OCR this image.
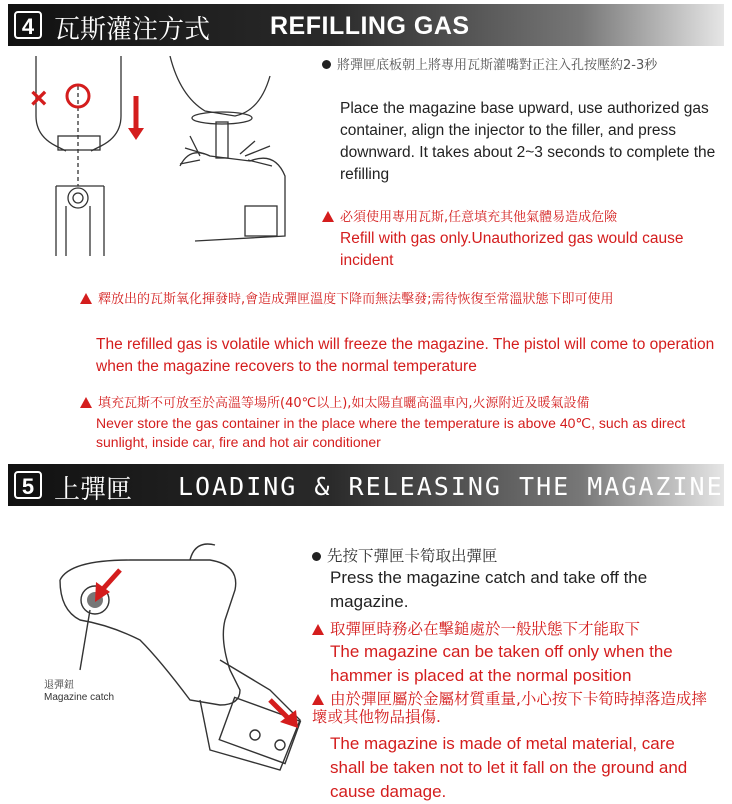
4 瓦斯灌注方式 REFILLING GAS
×
將彈匣底板朝上將專用瓦斯灌嘴對正注入孔按壓約2-3秒
Place the magazine base upward, use authorized gas container, align the injector to the filler, and press downward. It takes about 2~3 seconds to complete the refilling
必須使用專用瓦斯,任意填充其他氣體易造成危險
Refill with gas only.Unauthorized gas would cause incident
釋放出的瓦斯氧化揮發時,會造成彈匣溫度下降而無法擊發;需待恢復至常溫狀態下即可使用
The refilled gas is volatile which will freeze the magazine. The pistol will come to operation when the magazine recovers to the normal temperature
填充瓦斯不可放至於高溫等場所(40℃以上),如太陽直曬高溫車內,火源附近及暖氣設備
Never store the gas container in the place where the temperature is above 40℃, such as direct sunlight, inside car, fire and hot air conditioner
5 上彈匣 LOADING & RELEASING THE MAGAZINE
退彈鈕
Magazine catch
先按下彈匣卡筍取出彈匣
Press the magazine catch and take off the magazine.
取彈匣時務必在擊鎚處於一般狀態下才能取下
The magazine can be taken off only when the hammer is placed at the normal position
由於彈匣屬於金屬材質重量,小心按下卡筍時掉落造成摔壞或其他物品損傷.
The magazine is made of metal material, care shall be taken not to let it fall on the ground and cause damage.
